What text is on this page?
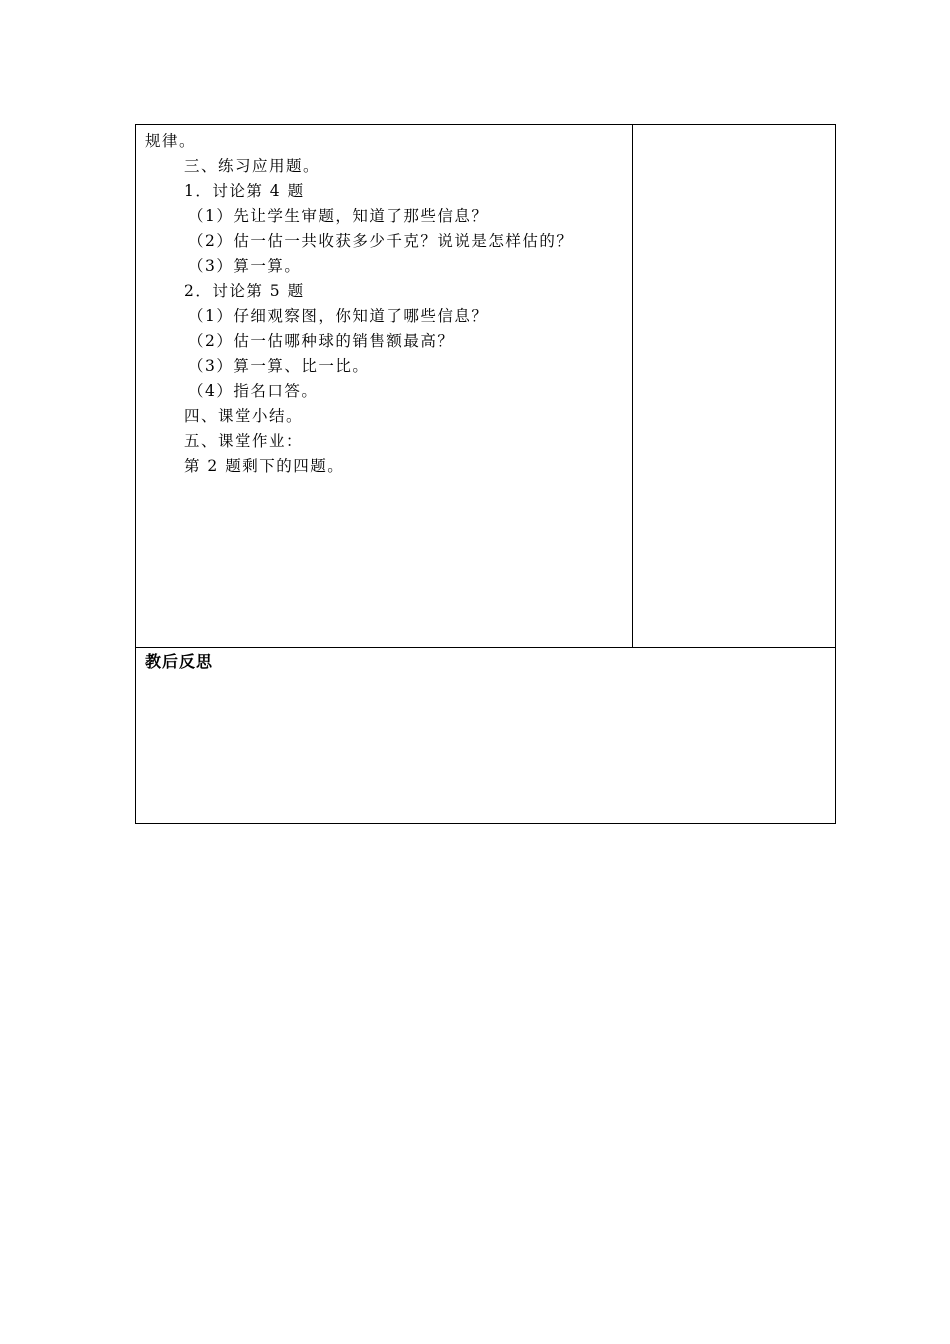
规律。
三、练习应用题。
1．讨论第 4 题
（1）先让学生审题，知道了那些信息？
（2）估一估一共收获多少千克？说说是怎样估的？
（3）算一算。
2．讨论第 5 题
（1）仔细观察图，你知道了哪些信息？
（2）估一估哪种球的销售额最高？
（3）算一算、比一比。
（4）指名口答。
四、课堂小结。
五、课堂作业：
第 2 题剩下的四题。

教后反思
